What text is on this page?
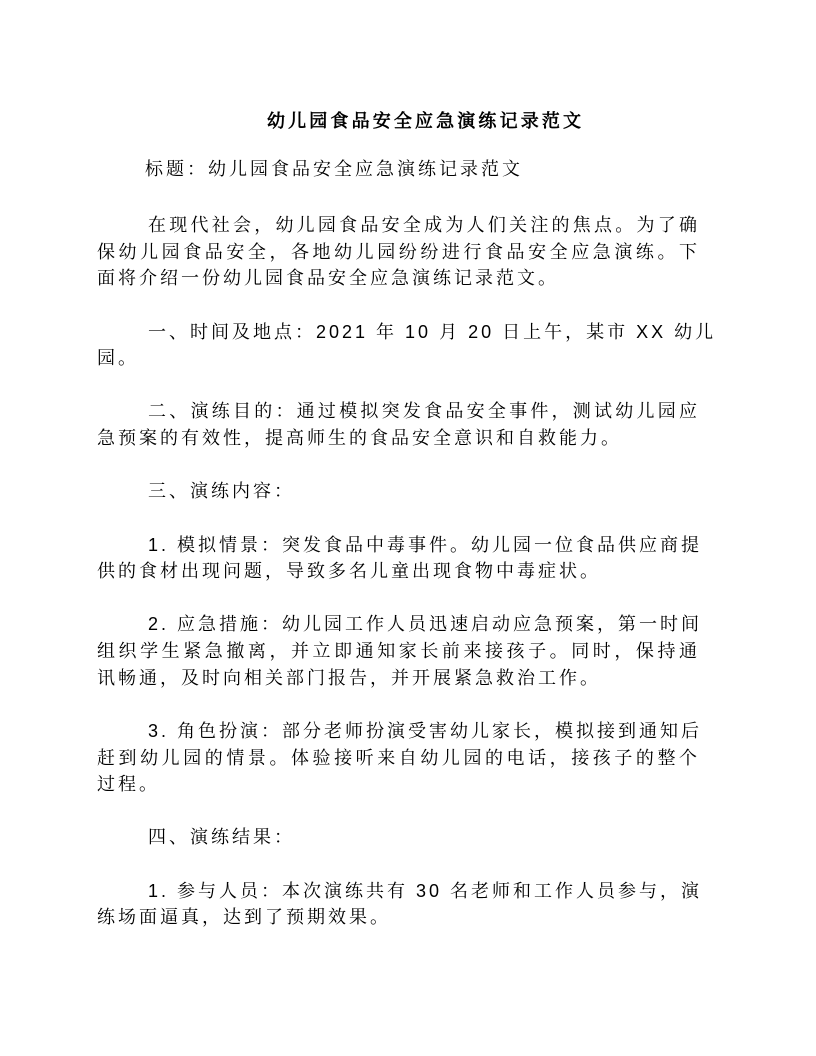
幼儿园食品安全应急演练记录范文
标题：幼儿园食品安全应急演练记录范文
在现代社会，幼儿园食品安全成为人们关注的焦点。为了确
保幼儿园食品安全，各地幼儿园纷纷进行食品安全应急演练。下
面将介绍一份幼儿园食品安全应急演练记录范文。
一、时间及地点：2021 年 10 月 20 日上午，某市 XX 幼儿
园。
二、演练目的：通过模拟突发食品安全事件，测试幼儿园应
急预案的有效性，提高师生的食品安全意识和自救能力。
三、演练内容：
1. 模拟情景：突发食品中毒事件。幼儿园一位食品供应商提
供的食材出现问题，导致多名儿童出现食物中毒症状。
2. 应急措施：幼儿园工作人员迅速启动应急预案，第一时间
组织学生紧急撤离，并立即通知家长前来接孩子。同时，保持通
讯畅通，及时向相关部门报告，并开展紧急救治工作。
3. 角色扮演：部分老师扮演受害幼儿家长，模拟接到通知后
赶到幼儿园的情景。体验接听来自幼儿园的电话，接孩子的整个
过程。
四、演练结果：
1. 参与人员：本次演练共有 30 名老师和工作人员参与，演
练场面逼真，达到了预期效果。
